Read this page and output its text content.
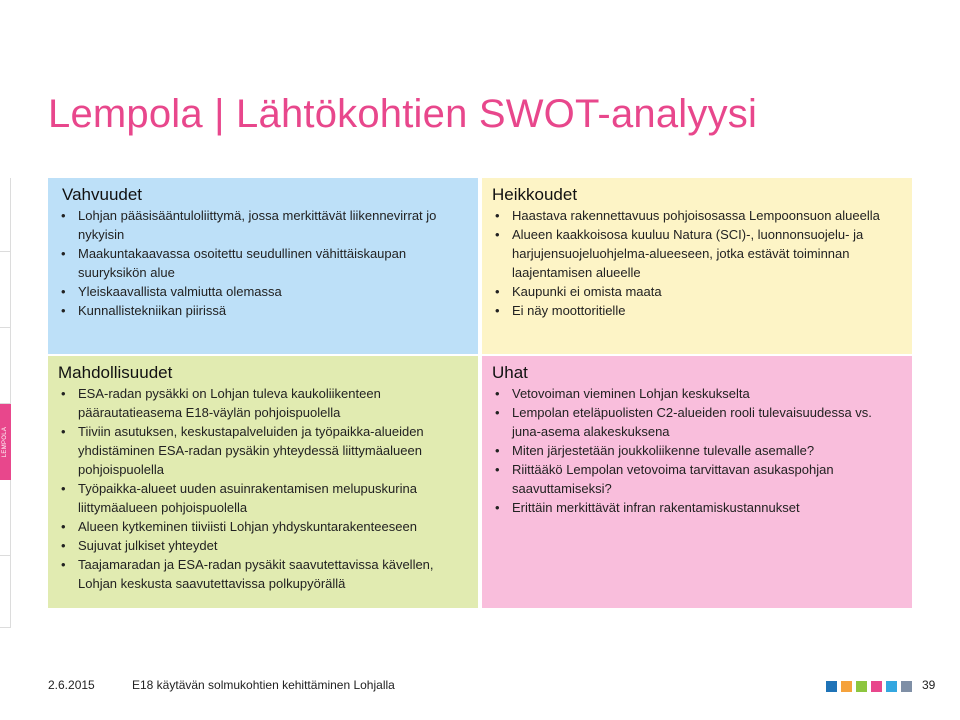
Lempola | Lähtökohtien SWOT-analyysi
LEMPOLA
Vahvuudet
• Lohjan pääsisääntuloliittymä, jossa merkittävät liikennevirrat jo nykyisin
• Maakuntakaavassa osoitettu seudullinen vähittäiskaupan suuryksikön alue
• Yleiskaavallista valmiutta olemassa
• Kunnallistekniikan piirissä
Heikkoudet
• Haastava rakennettavuus pohjoisosassa Lempoonsuon alueella
• Alueen kaakkoisosa kuuluu Natura (SCI)-, luonnonsuojelu- ja harjujensuojeluohjelma-alueeseen, jotka estävät toiminnan laajentamisen alueelle
• Kaupunki ei omista maata
• Ei näy moottoritielle
Mahdollisuudet
• ESA-radan pysäkki on Lohjan tuleva kaukoliikenteen päärautatieasema E18-väylän pohjoispuolella
• Tiiviin asutuksen, keskustapalveluiden ja työpaikka-alueiden yhdistäminen ESA-radan pysäkin yhteydessä liittymäalueen pohjoispuolella
• Työpaikka-alueet uuden asuinrakentamisen melupuskurina liittymäalueen pohjoispuolella
• Alueen kytkeminen tiiviisti Lohjan yhdyskuntarakenteeseen
• Sujuvat julkiset yhteydet
• Taajamaradan ja ESA-radan pysäkit saavutettavissa kävellen, Lohjan keskusta saavutettavissa polkupyörällä
Uhat
• Vetovoiman vieminen Lohjan keskukselta
• Lempolan eteläpuolisten C2-alueiden rooli tulevaisuudessa vs. juna-asema alakeskuksena
• Miten järjestetään joukkoliikenne tulevalle asemalle?
• Riittääkö Lempolan vetovoima tarvittavan asukaspohjan saavuttamiseksi?
• Erittäin merkittävät infran rakentamiskustannukset
2.6.2015	E18 käytävän solmukohtien kehittäminen Lohjalla	39
